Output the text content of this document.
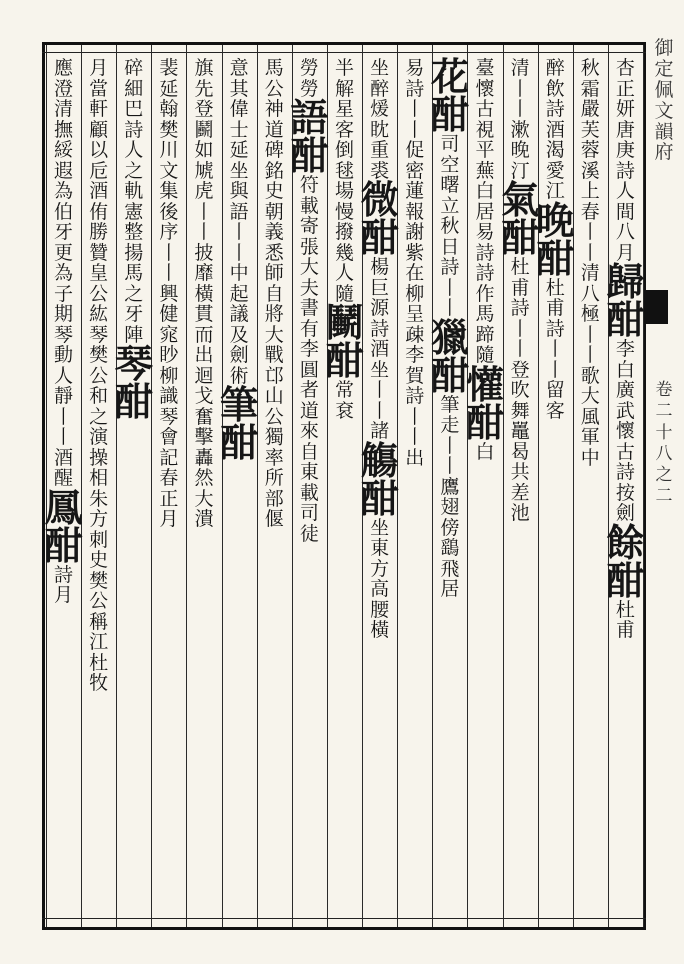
御
定
佩
文
韻
府
卷
二
十
八
之
二
杏
正
妍
唐
庚
詩
人
間
八
月
歸
酣
李
白
廣
武
懷
古
詩
按
劍
餘
酣
杜
甫
秋
霜
嚴
芙
蓉
溪
上
春
丨
丨
清
八
極
丨
丨
歌
大
風
軍
中
醉
飲
詩
酒
渴
愛
江
晚
酣
杜
甫
詩
丨
丨
留
客
清
丨
丨
漱
晚
汀
氣
酣
杜
甫
詩
丨
丨
登
吹
舞
鼉
曷
共
差
池
臺
懷
古
視
平
蕪
白
居
易
詩
詩
作
馬
蹄
隨
懽
酣
白
花
酣
司
空
曙
立
秋
日
詩
丨
丨
獵
酣
筆
走
丨
丨
鷹
翅
傍
鷂
飛
居
易
詩
丨
丨
促
密
蓮
報
謝
紫
在
柳
呈
疎
李
賀
詩
丨
丨
出
坐
醉
煖
眈
重
裘
微
酣
楊
巨
源
詩
酒
坐
丨
丨
諸
觴
酣
坐
東
方
高
腰
橫
半
解
星
客
倒
毬
場
慢
撥
幾
人
隨
鬭
酣
常
袞
勞
勞
語
酣
符
載
寄
張
大
夫
書
有
李
圓
者
道
來
自
東
載
司
徒
馬
公
神
道
碑
銘
史
朝
義
悉
師
自
將
大
戰
邙
山
公
獨
率
所
部
偃
意
其
偉
士
延
坐
與
語
丨
丨
中
起
議
及
劍
術
筆
酣
旗
先
登
鬬
如
虓
虎
丨
丨
披
靡
橫
貫
而
出
迴
戈
奮
擊
轟
然
大
潰
裴
延
翰
樊
川
文
集
後
序
丨
丨
興
健
窕
眇
柳
識
琴
會
記
春
正
月
碎
細
巴
詩
人
之
軌
憲
整
揚
馬
之
牙
陣
琴
酣
月
當
軒
顧
以
卮
酒
侑
勝
贊
皇
公
紘
琴
樊
公
和
之
演
操
相
朱
方
刺
史
樊
公
稱
江
杜
牧
應
澄
清
撫
綏
遐
為
伯
牙
更
為
子
期
琴
動
人
靜
丨
丨
酒
醒
鳳
酣
詩
月
